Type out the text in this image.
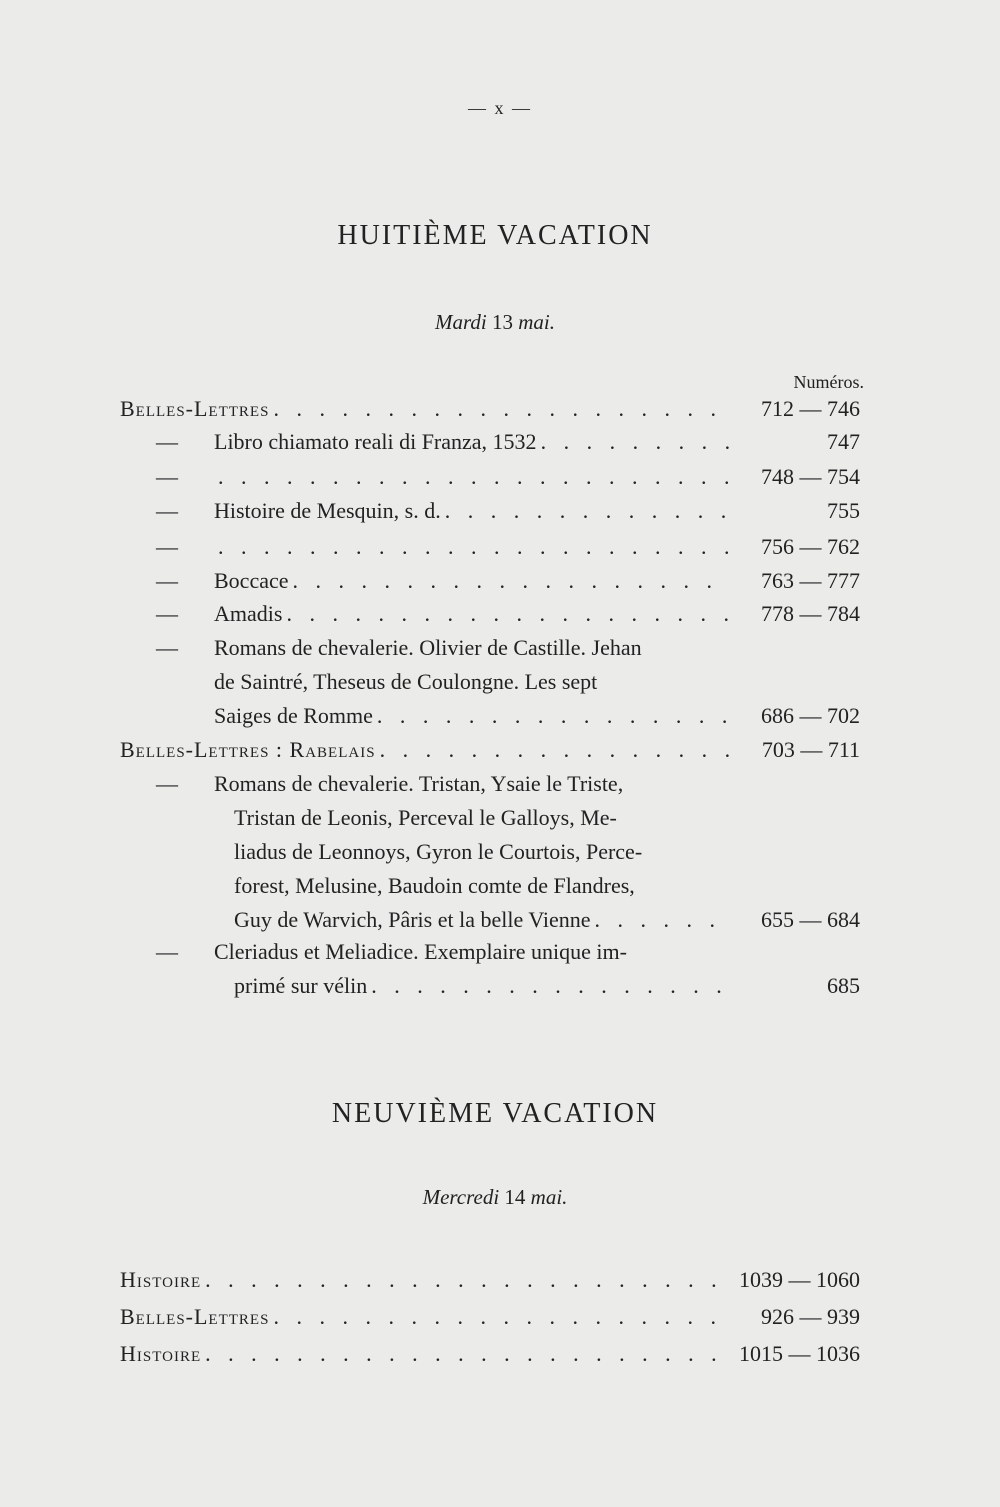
— x —
HUITIÈME VACATION
Mardi 13 mai.
Numéros.
Belles-Lettres . . .	712 — 746
—	Libro chiamato reali di Franza, 1532 . . .	747
— . . .	748 — 754
—	Histoire de Mesquin, s. d. . . .	755
— . . .	756 — 762
—	Boccace . . .	763 — 777
—	Amadis . . .	778 — 784
—	Romans de chevalerie. Olivier de Castille. Jehan
de Saintré, Theseus de Coulongne. Les sept
Saiges de Romme . . .	686 — 702
Belles-Lettres : Rabelais . . .	703 — 711
—	Romans de chevalerie. Tristan, Ysaie le Triste,
Tristan de Leonis, Perceval le Galloys, Me-
liadus de Leonnoys, Gyron le Courtois, Perce-
forest, Melusine, Baudoin comte de Flandres,
Guy de Warvich, Pâris et la belle Vienne . . .	655 — 684
—	Cleriadus et Meliadice. Exemplaire unique im-
primé sur vélin . . .	685
NEUVIÈME VACATION
Mercredi 14 mai.
Histoire . . .	1039 — 1060
Belles-Lettres . . .	926 — 939
Histoire . . .	1015 — 1036
